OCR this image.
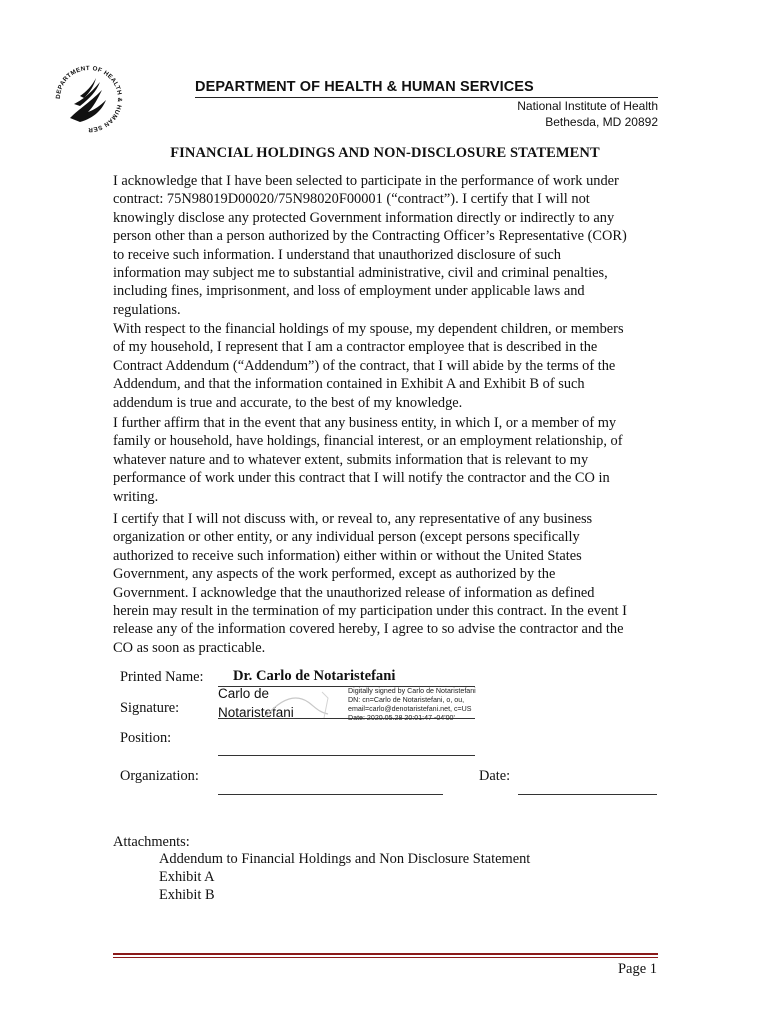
DEPARTMENT OF HEALTH & HUMAN SER
DEPARTMENT OF HEALTH & HUMAN SERVICES
National Institute of Health
Bethesda, MD 20892
FINANCIAL HOLDINGS AND NON-DISCLOSURE STATEMENT
I acknowledge that I have been selected to participate in the performance of work under
contract: 75N98019D00020/75N98020F00001 (“contract”). I certify that I will not
knowingly disclose any protected Government information directly or indirectly to any
person other than a person authorized by the Contracting Officer’s Representative (COR)
to receive such information. I understand that unauthorized disclosure of such
information may subject me to substantial administrative, civil and criminal penalties,
including fines, imprisonment, and loss of employment under applicable laws and
regulations.
With respect to the financial holdings of my spouse, my dependent children, or members
of my household, I represent that I am a contractor employee that is described in the
Contract Addendum (“Addendum”) of the contract, that I will abide by the terms of the
Addendum, and that the information contained in Exhibit A and Exhibit B of such
addendum is true and accurate, to the best of my knowledge.
I further affirm that in the event that any business entity, in which I, or a member of my
family or household, have holdings, financial interest, or an employment relationship, of
whatever nature and to whatever extent, submits information that is relevant to my
performance of work under this contract that I will notify the contractor and the CO in
writing.
I certify that I will not discuss with, or reveal to, any representative of any business
organization or other entity, or any individual person (except persons specifically
authorized to receive such information) either within or without the United States
Government, any aspects of the work performed, except as authorized by the
Government. I acknowledge that the unauthorized release of information as defined
herein may result in the termination of my participation under this contract. In the event I
release any of the information covered hereby, I agree to so advise the contractor and the
CO as soon as practicable.
Printed Name: Dr. Carlo de Notaristefani
Signature:
Carlo de
Notaristefani
Digitally signed by Carlo de Notaristefani
DN: cn=Carlo de Notaristefani, o, ou,
email=carlo@denotaristefani.net, c=US
Date: 2020.05.28 20:01:47 -04'00'
Position:
Organization:	Date:
Attachments:
Addendum to Financial Holdings and Non Disclosure Statement
Exhibit A
Exhibit B
Page 1
